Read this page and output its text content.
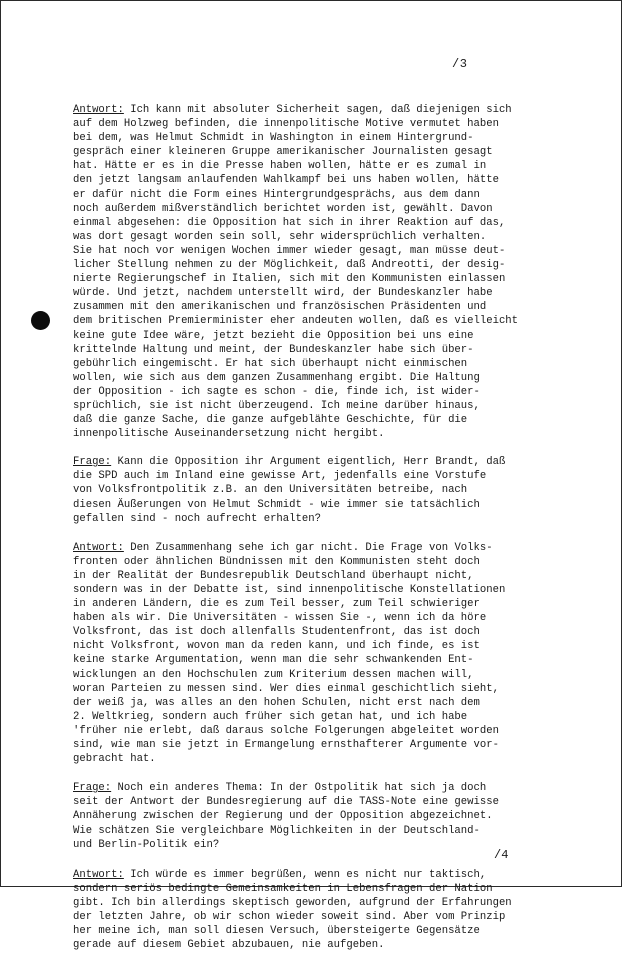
/3

Antwort: Ich kann mit absoluter Sicherheit sagen, daß diejenigen sich
auf dem Holzweg befinden, die innenpolitische Motive vermutet haben
bei dem, was Helmut Schmidt in Washington in einem Hintergrund-
gespräch einer kleineren Gruppe amerikanischer Journalisten gesagt
hat. Hätte er es in die Presse haben wollen, hätte er es zumal in
den jetzt langsam anlaufenden Wahlkampf bei uns haben wollen, hätte
er dafür nicht die Form eines Hintergrundgesprächs, aus dem dann
noch außerdem mißverständlich berichtet worden ist, gewählt. Davon
einmal abgesehen: die Opposition hat sich in ihrer Reaktion auf das,
was dort gesagt worden sein soll, sehr widersprüchlich verhalten.
Sie hat noch vor wenigen Wochen immer wieder gesagt, man müsse deut-
licher Stellung nehmen zu der Möglichkeit, daß Andreotti, der desig-
nierte Regierungschef in Italien, sich mit den Kommunisten einlassen
würde. Und jetzt, nachdem unterstellt wird, der Bundeskanzler habe
zusammen mit den amerikanischen und französischen Präsidenten und
dem britischen Premierminister eher andeuten wollen, daß es vielleicht
keine gute Idee wäre, jetzt bezieht die Opposition bei uns eine
krittelnde Haltung und meint, der Bundeskanzler habe sich über-
gebührlich eingemischt. Er hat sich überhaupt nicht einmischen
wollen, wie sich aus dem ganzen Zusammenhang ergibt. Die Haltung
der Opposition - ich sagte es schon - die, finde ich, ist wider-
sprüchlich, sie ist nicht überzeugend. Ich meine darüber hinaus,
daß die ganze Sache, die ganze aufgeblähte Geschichte, für die
innenpolitische Auseinandersetzung nicht hergibt.

Frage: Kann die Opposition ihr Argument eigentlich, Herr Brandt, daß
die SPD auch im Inland eine gewisse Art, jedenfalls eine Vorstufe
von Volksfrontpolitik z.B. an den Universitäten betreibe, nach
diesen Äußerungen von Helmut Schmidt - wie immer sie tatsächlich
gefallen sind - noch aufrecht erhalten?

Antwort: Den Zusammenhang sehe ich gar nicht. Die Frage von Volks-
fronten oder ähnlichen Bündnissen mit den Kommunisten steht doch
in der Realität der Bundesrepublik Deutschland überhaupt nicht,
sondern was in der Debatte ist, sind innenpolitische Konstellationen
in anderen Ländern, die es zum Teil besser, zum Teil schwieriger
haben als wir. Die Universitäten - wissen Sie -, wenn ich da höre
Volksfront, das ist doch allenfalls Studentenfront, das ist doch
nicht Volksfront, wovon man da reden kann, und ich finde, es ist
keine starke Argumentation, wenn man die sehr schwankenden Ent-
wicklungen an den Hochschulen zum Kriterium dessen machen will,
woran Parteien zu messen sind. Wer dies einmal geschichtlich sieht,
der weiß ja, was alles an den hohen Schulen, nicht erst nach dem
2. Weltkrieg, sondern auch früher sich getan hat, und ich habe
'früher nie erlebt, daß daraus solche Folgerungen abgeleitet worden
sind, wie man sie jetzt in Ermangelung ernsthafterer Argumente vor-
gebracht hat.

Frage: Noch ein anderes Thema: In der Ostpolitik hat sich ja doch
seit der Antwort der Bundesregierung auf die TASS-Note eine gewisse
Annäherung zwischen der Regierung und der Opposition abgezeichnet.
Wie schätzen Sie vergleichbare Möglichkeiten in der Deutschland-
und Berlin-Politik ein?

Antwort: Ich würde es immer begrüßen, wenn es nicht nur taktisch,
sondern seriös bedingte Gemeinsamkeiten in Lebensfragen der Nation
gibt. Ich bin allerdings skeptisch geworden, aufgrund der Erfahrungen
der letzten Jahre, ob wir schon wieder soweit sind. Aber vom Prinzip
her meine ich, man soll diesen Versuch, übersteigerte Gegensätze
gerade auf diesem Gebiet abzubauen, nie aufgeben.

/4
